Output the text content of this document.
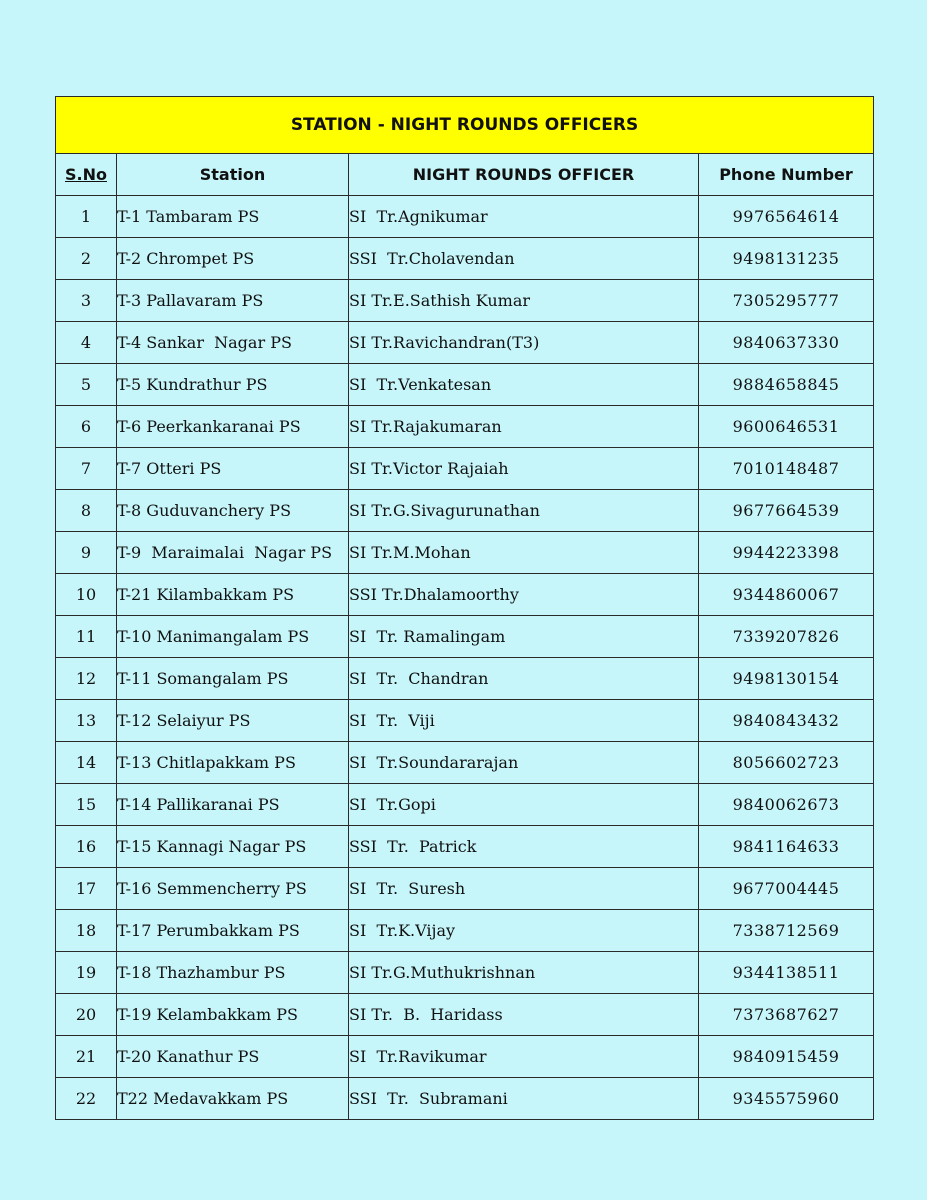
STATION - NIGHT ROUNDS OFFICERS			
S.No	Station	NIGHT ROUNDS OFFICER	Phone Number
1	T-1 Tambaram PS	SI  Tr.Agnikumar	9976564614
2	T-2 Chrompet PS	SSI  Tr.Cholavendan	9498131235
3	T-3 Pallavaram PS	SI Tr.E.Sathish Kumar	7305295777
4	T-4 Sankar  Nagar PS	SI Tr.Ravichandran(T3)	9840637330
5	T-5 Kundrathur PS	SI  Tr.Venkatesan	9884658845
6	T-6 Peerkankaranai PS	SI Tr.Rajakumaran	9600646531
7	T-7 Otteri PS	SI Tr.Victor Rajaiah	7010148487
8	T-8 Guduvanchery PS	SI Tr.G.Sivagurunathan	9677664539
9	T-9  Maraimalai  Nagar PS	SI Tr.M.Mohan	9944223398
10	T-21 Kilambakkam PS	SSI Tr.Dhalamoorthy	9344860067
11	T-10 Manimangalam PS	SI  Tr. Ramalingam	7339207826
12	T-11 Somangalam PS	SI  Tr.  Chandran	9498130154
13	T-12 Selaiyur PS	SI  Tr.  Viji	9840843432
14	T-13 Chitlapakkam PS	SI  Tr.Soundararajan	8056602723
15	T-14 Pallikaranai PS	SI  Tr.Gopi	9840062673
16	T-15 Kannagi Nagar PS	SSI  Tr.  Patrick	9841164633
17	T-16 Semmencherry PS	SI  Tr.  Suresh	9677004445
18	T-17 Perumbakkam PS	SI  Tr.K.Vijay	7338712569
19	T-18 Thazhambur PS	SI Tr.G.Muthukrishnan	9344138511
20	T-19 Kelambakkam PS	SI Tr.  B.  Haridass	7373687627
21	T-20 Kanathur PS	SI  Tr.Ravikumar	9840915459
22	T22 Medavakkam PS	SSI  Tr.  Subramani	9345575960
